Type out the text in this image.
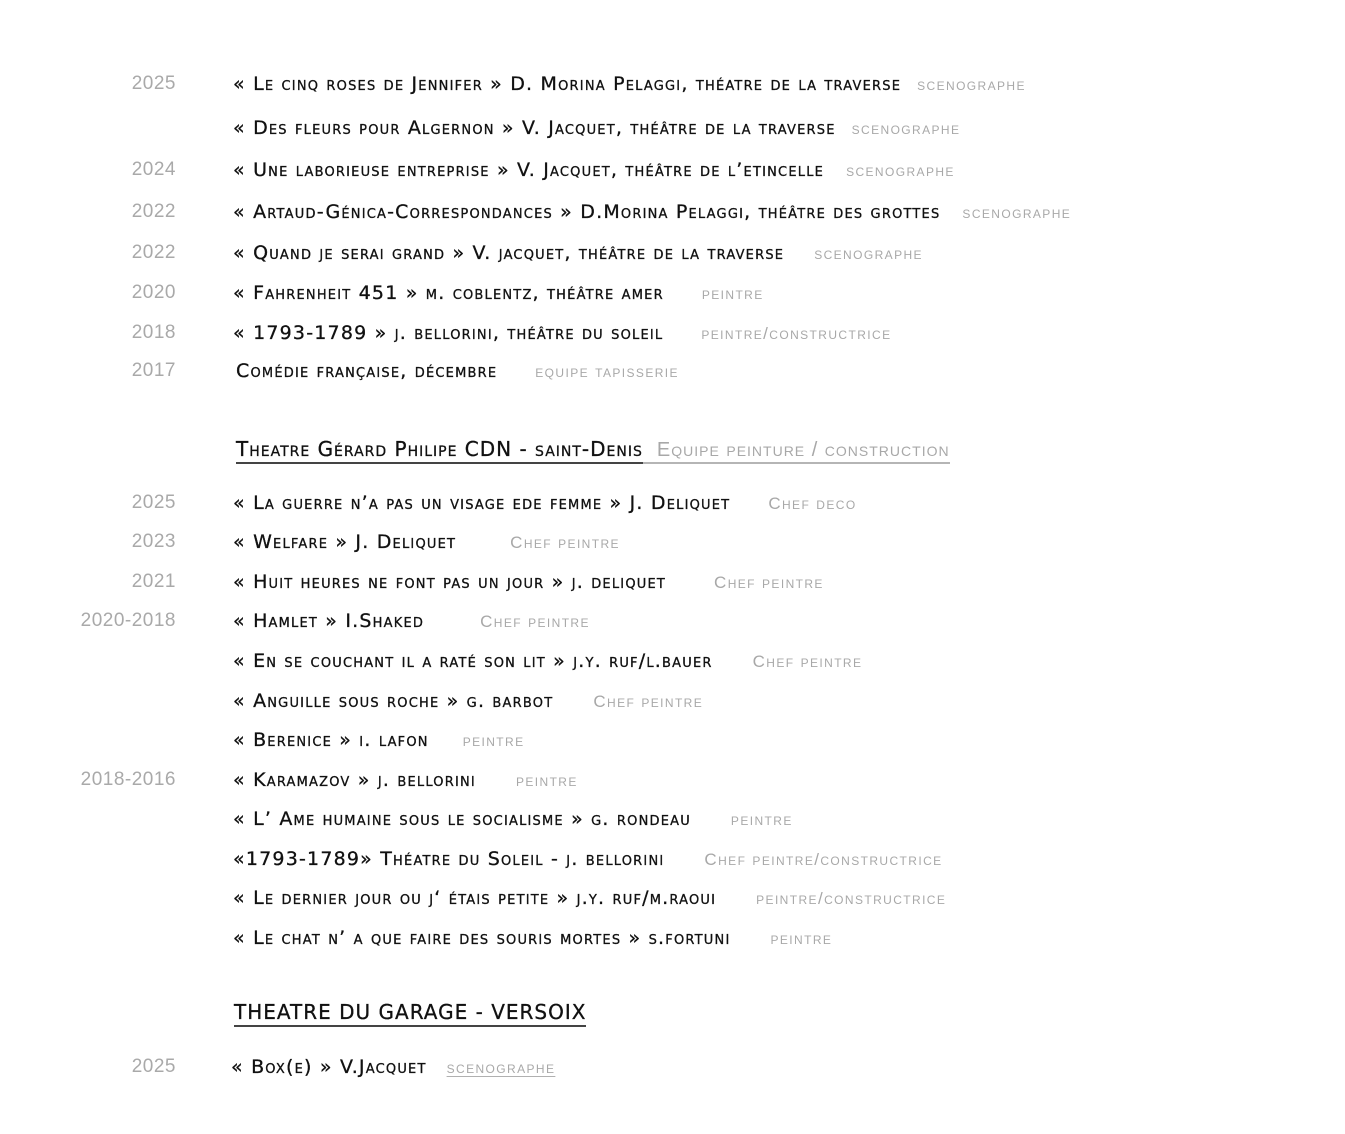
2025	« Le cinq roses de Jennifer » D. Morina Pelaggi, théatre de la traverse scenographe
« Des fleurs pour Algernon » V. Jacquet, théâtre de la traverse scenographe
2024	« Une laborieuse entreprise » V. Jacquet, théâtre de l’etincelle scenographe
2022	« Artaud-Génica-Correspondances » D.Morina Pelaggi, théâtre des grottes scenographe
2022	« Quand je serai grand » V. jacquet, théâtre de la traverse scenographe
2020	« Fahrenheit 451 » m. coblentz, théâtre amer peintre
2018	« 1793-1789 » j. bellorini, théâtre du soleil peintre/constructrice
2017	Comédie française, décembre equipe tapisserie
Theatre Gérard Philipe CDN - saint-Denis Equipe peinture / construction
2025	« La guerre n’a pas un visage ede femme » J. Deliquet Chef deco
2023	« Welfare » J. Deliquet	Chef peintre
2021	« Huit heures ne font pas un jour » j. deliquet	Chef peintre
2020-2018	« Hamlet » I.Shaked	Chef peintre
« En se couchant il a raté son lit » j.y. ruf/l.bauer Chef peintre
« Anguille sous roche » g. barbot Chef peintre
« Berenice » i. lafon peintre
2018-2016	« Karamazov » j. bellorini peintre
« L’ Ame humaine sous le socialisme » g. rondeau peintre
«1793-1789» Théatre du Soleil - j. bellorini Chef peintre/constructrice
« Le dernier jour ou j‘ étais petite » j.y. ruf/m.raoui peintre/constructrice
« Le chat n’ a que faire des souris mortes » s.fortuni peintre
THEATRE DU GARAGE - VERSOIX
2025	« Box(e) » V.Jacquet scenographe
